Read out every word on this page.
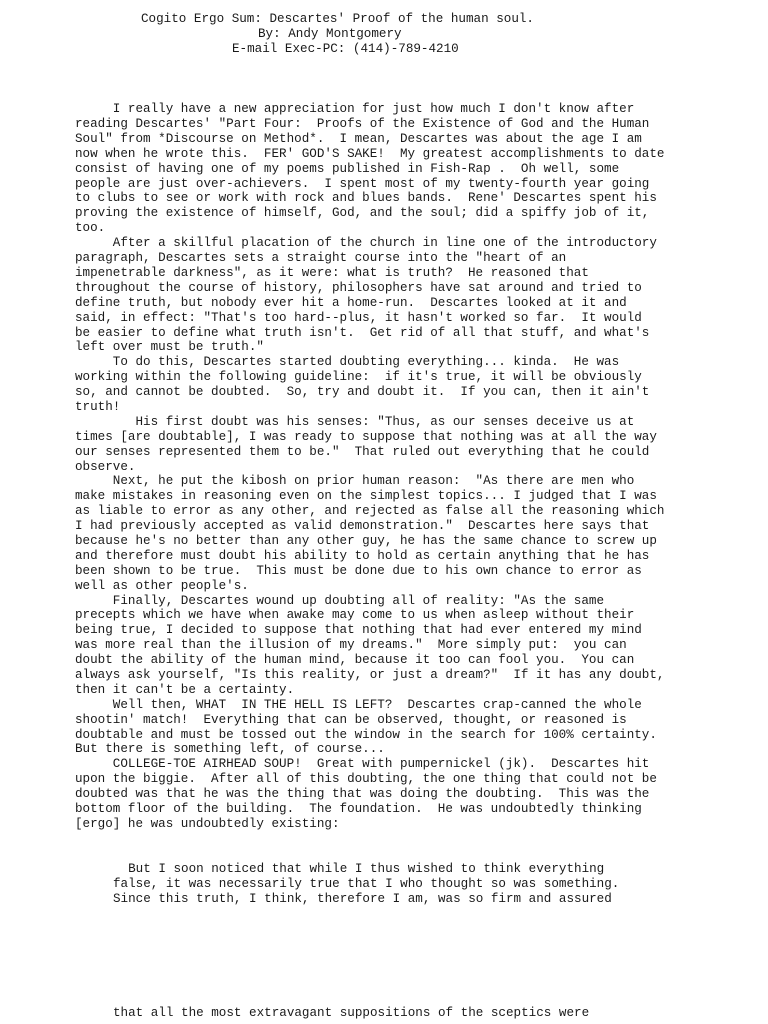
Cogito Ergo Sum: Descartes' Proof of the human soul.
By: Andy Montgomery
E-mail Exec-PC: (414)-789-4210
I really have a new appreciation for just how much I don't know after
reading Descartes' "Part Four:  Proofs of the Existence of God and the Human
Soul" from *Discourse on Method*.  I mean, Descartes was about the age I am
now when he wrote this.  FER' GOD'S SAKE!  My greatest accomplishments to date
consist of having one of my poems published in Fish-Rap .  Oh well, some
people are just over-achievers.  I spent most of my twenty-fourth year going
to clubs to see or work with rock and blues bands.  Rene' Descartes spent his
proving the existence of himself, God, and the soul; did a spiffy job of it,
too.
After a skillful placation of the church in line one of the introductory
paragraph, Descartes sets a straight course into the "heart of an
impenetrable darkness", as it were: what is truth?  He reasoned that
throughout the course of history, philosophers have sat around and tried to
define truth, but nobody ever hit a home-run.  Descartes looked at it and
said, in effect: "That's too hard--plus, it hasn't worked so far.  It would
be easier to define what truth isn't.  Get rid of all that stuff, and what's
left over must be truth."
To do this, Descartes started doubting everything... kinda.  He was
working within the following guideline:  if it's true, it will be obviously
so, and cannot be doubted.  So, try and doubt it.  If you can, then it ain't
truth!
His first doubt was his senses: "Thus, as our senses deceive us at
times [are doubtable], I was ready to suppose that nothing was at all the way
our senses represented them to be."  That ruled out everything that he could
observe.
Next, he put the kibosh on prior human reason:  "As there are men who
make mistakes in reasoning even on the simplest topics... I judged that I was
as liable to error as any other, and rejected as false all the reasoning which
I had previously accepted as valid demonstration."  Descartes here says that
because he's no better than any other guy, he has the same chance to screw up
and therefore must doubt his ability to hold as certain anything that he has
been shown to be true.  This must be done due to his own chance to error as
well as other people's.
Finally, Descartes wound up doubting all of reality: "As the same
precepts which we have when awake may come to us when asleep without their
being true, I decided to suppose that nothing that had ever entered my mind
was more real than the illusion of my dreams."  More simply put:  you can
doubt the ability of the human mind, because it too can fool you.  You can
always ask yourself, "Is this reality, or just a dream?"  If it has any doubt,
then it can't be a certainty.
Well then, WHAT  IN THE HELL IS LEFT?  Descartes crap-canned the whole
shootin' match!  Everything that can be observed, thought, or reasoned is
doubtable and must be tossed out the window in the search for 100% certainty.
But there is something left, of course...
COLLEGE-TOE AIRHEAD SOUP!  Great with pumpernickel (jk).  Descartes hit
upon the biggie.  After all of this doubting, the one thing that could not be
doubted was that he was the thing that was doing the doubting.  This was the
bottom floor of the building.  The foundation.  He was undoubtedly thinking
[ergo] he was undoubtedly existing:
But I soon noticed that while I thus wished to think everything
false, it was necessarily true that I who thought so was something.
Since this truth, I think, therefore I am, was so firm and assured
that all the most extravagant suppositions of the sceptics were
